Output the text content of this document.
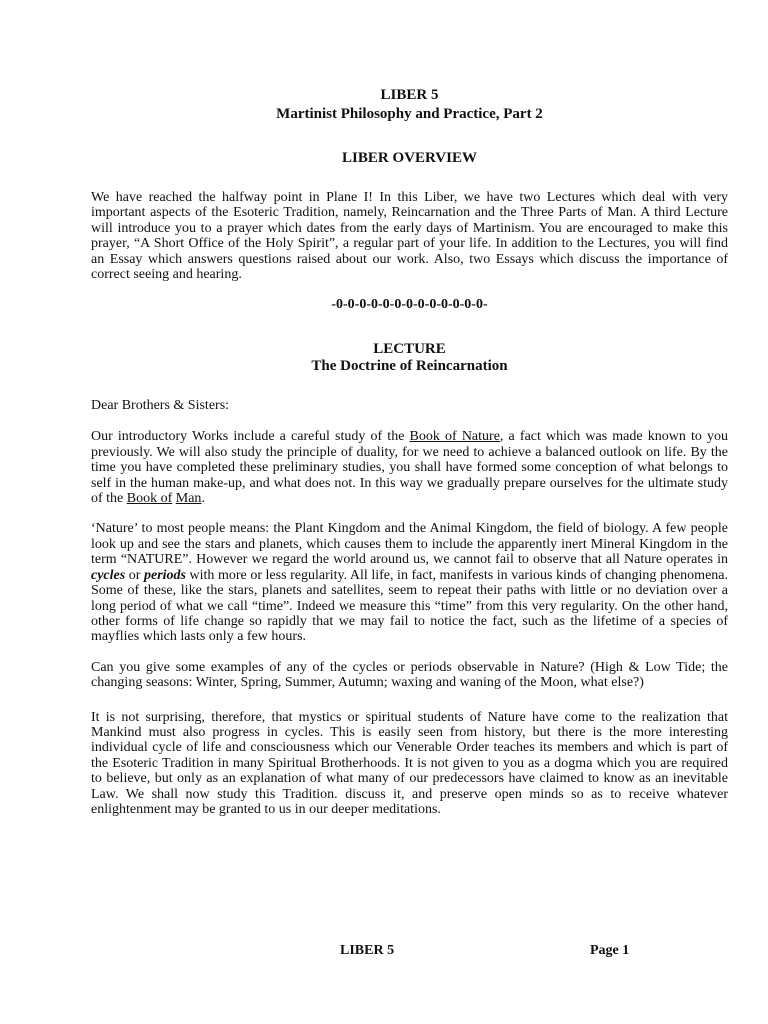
LIBER 5
Martinist Philosophy and Practice, Part 2
LIBER OVERVIEW

We have reached the halfway point in Plane I! In this Liber, we have two Lectures which deal with very important aspects of the Esoteric Tradition, namely, Reincarnation and the Three Parts of Man. A third Lecture will introduce you to a prayer which dates from the early days of Martinism. You are encouraged to make this prayer, “A Short Office of the Holy Spirit”, a regular part of your life. In addition to the Lectures, you will find an Essay which answers questions raised about our work. Also, two Essays which discuss the importance of correct seeing and hearing.

-0-0-0-0-0-0-0-0-0-0-0-0-0-
LECTURE
The Doctrine of Reincarnation
Dear Brothers & Sisters:

Our introductory Works include a careful study of the Book of Nature, a fact which was made known to you previously. We will also study the principle of duality, for we need to achieve a balanced outlook on life. By the time you have completed these preliminary studies, you shall have formed some conception of what belongs to self in the human make-up, and what does not. In this way we gradually prepare ourselves for the ultimate study of the Book of Man.

‘Nature’ to most people means: the Plant Kingdom and the Animal Kingdom, the field of biology. A few people look up and see the stars and planets, which causes them to include the apparently inert Mineral Kingdom in the term “NATURE”. However we regard the world around us, we cannot fail to observe that all Nature operates in cycles or periods with more or less regularity. All life, in fact, manifests in various kinds of changing phenomena. Some of these, like the stars, planets and satellites, seem to repeat their paths with little or no deviation over a long period of what we call “time”. Indeed we measure this “time” from this very regularity. On the other hand, other forms of life change so rapidly that we may fail to notice the fact, such as the lifetime of a species of mayflies which lasts only a few hours.

Can you give some examples of any of the cycles or periods observable in Nature? (High & Low Tide; the changing seasons: Winter, Spring, Summer, Autumn; waxing and waning of the Moon, what else?)

It is not surprising, therefore, that mystics or spiritual students of Nature have come to the realization that Mankind must also progress in cycles. This is easily seen from history, but there is the more interesting individual cycle of life and consciousness which our Venerable Order teaches its members and which is part of the Esoteric Tradition in many Spiritual Brotherhoods. It is not given to you as a dogma which you are required to believe, but only as an explanation of what many of our predecessors have claimed to know as an inevitable Law. We shall now study this Tradition. discuss it, and preserve open minds so as to receive whatever enlightenment may be granted to us in our deeper meditations.

LIBER 5	Page 1
